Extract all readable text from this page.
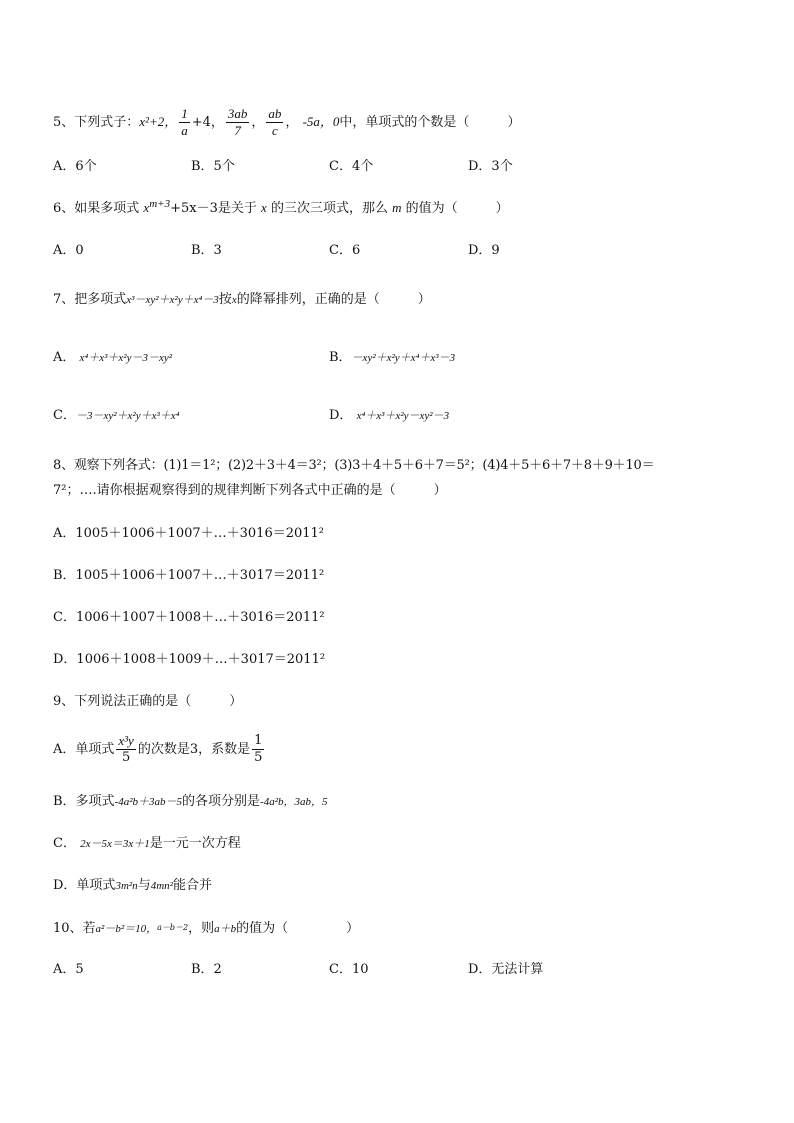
5、下列式子：x²+2， $\frac{1}{a} +4$， $\frac{3ab}{7}$ ， $\frac{ab}{c}$ ， -5a，0中，单项式的个数是（	）
A．6个	B．5个	C．4个	D．3个
6、如果多项式 $x^{m+3}+5x-3$是关于 x 的三次三项式，那么 m 的值为（	）
A．0	B．3	C．6	D．9
7、把多项式x³－xy²＋x²y＋x⁴－3按x的降幂排列，正确的是（	）
A． x⁴＋x³＋x²y－3－xy²	B．－xy²＋x²y＋x⁴＋x³－3
C．－3－xy²＋x²y＋x³＋x⁴	D． x⁴＋x³＋x²y－xy²－3
8、观察下列各式：(1)1＝1²；(2)2＋3＋4＝3²；(3)3＋4＋5＋6＋7＝5²；(4)4＋5＋6＋7＋8＋9＋10＝
7²；….请你根据观察得到的规律判断下列各式中正确的是（	）
A．1005＋1006＋1007＋…＋3016＝2011²
B．1005＋1006＋1007＋…＋3017＝2011²
C．1006＋1007＋1008＋…＋3016＝2011²
D．1006＋1008＋1009＋…＋3017＝2011²
9、下列说法正确的是（	）
A．单项式 $\frac{\text{x³y}}{5}$ 的次数是3，系数是 $\frac{1}{5}$
B．多项式-4a²b＋3ab－5的各项分别是-4a²b，3ab，5
C． 2x－5x＝3x＋1是一元一次方程
D．单项式3m²n与4mn²能合并
10、若a²－b²＝10，a－b＝2，则a＋b的值为（	）
A．5	B．2	C．10	D．无法计算
